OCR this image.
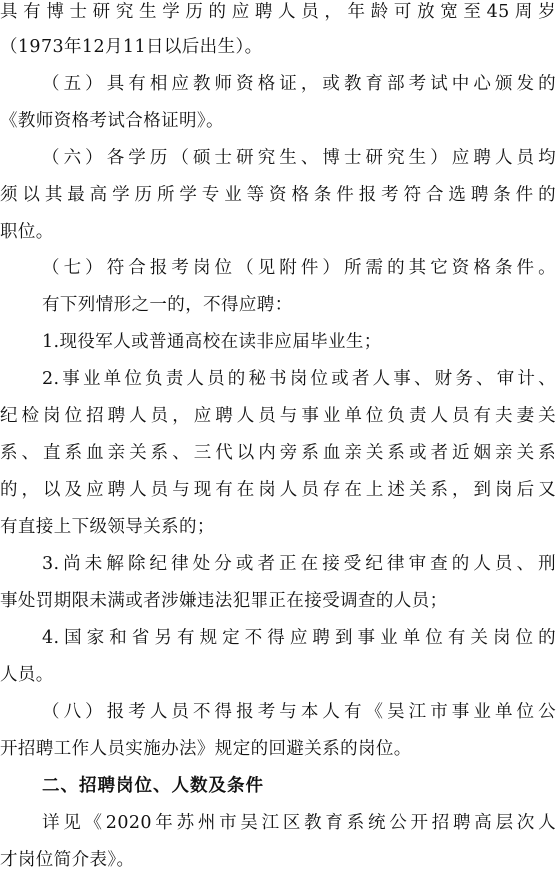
具有博士研究生学历的应聘人员，年龄可放宽至45周岁
（1973年12月11日以后出生）。
（五）具有相应教师资格证，或教育部考试中心颁发的
《教师资格考试合格证明》。
（六）各学历（硕士研究生、博士研究生）应聘人员均
须以其最高学历所学专业等资格条件报考符合选聘条件的
职位。
（七）符合报考岗位（见附件）所需的其它资格条件。
有下列情形之一的，不得应聘：
1.现役军人或普通高校在读非应届毕业生；
2.事业单位负责人员的秘书岗位或者人事、财务、审计、
纪检岗位招聘人员，应聘人员与事业单位负责人员有夫妻关
系、直系血亲关系、三代以内旁系血亲关系或者近姻亲关系
的，以及应聘人员与现有在岗人员存在上述关系，到岗后又
有直接上下级领导关系的；
3.尚未解除纪律处分或者正在接受纪律审查的人员、刑
事处罚期限未满或者涉嫌违法犯罪正在接受调查的人员；
4.国家和省另有规定不得应聘到事业单位有关岗位的
人员。
（八）报考人员不得报考与本人有《吴江市事业单位公
开招聘工作人员实施办法》规定的回避关系的岗位。
二、招聘岗位、人数及条件
详见《2020年苏州市吴江区教育系统公开招聘高层次人
才岗位简介表》。
